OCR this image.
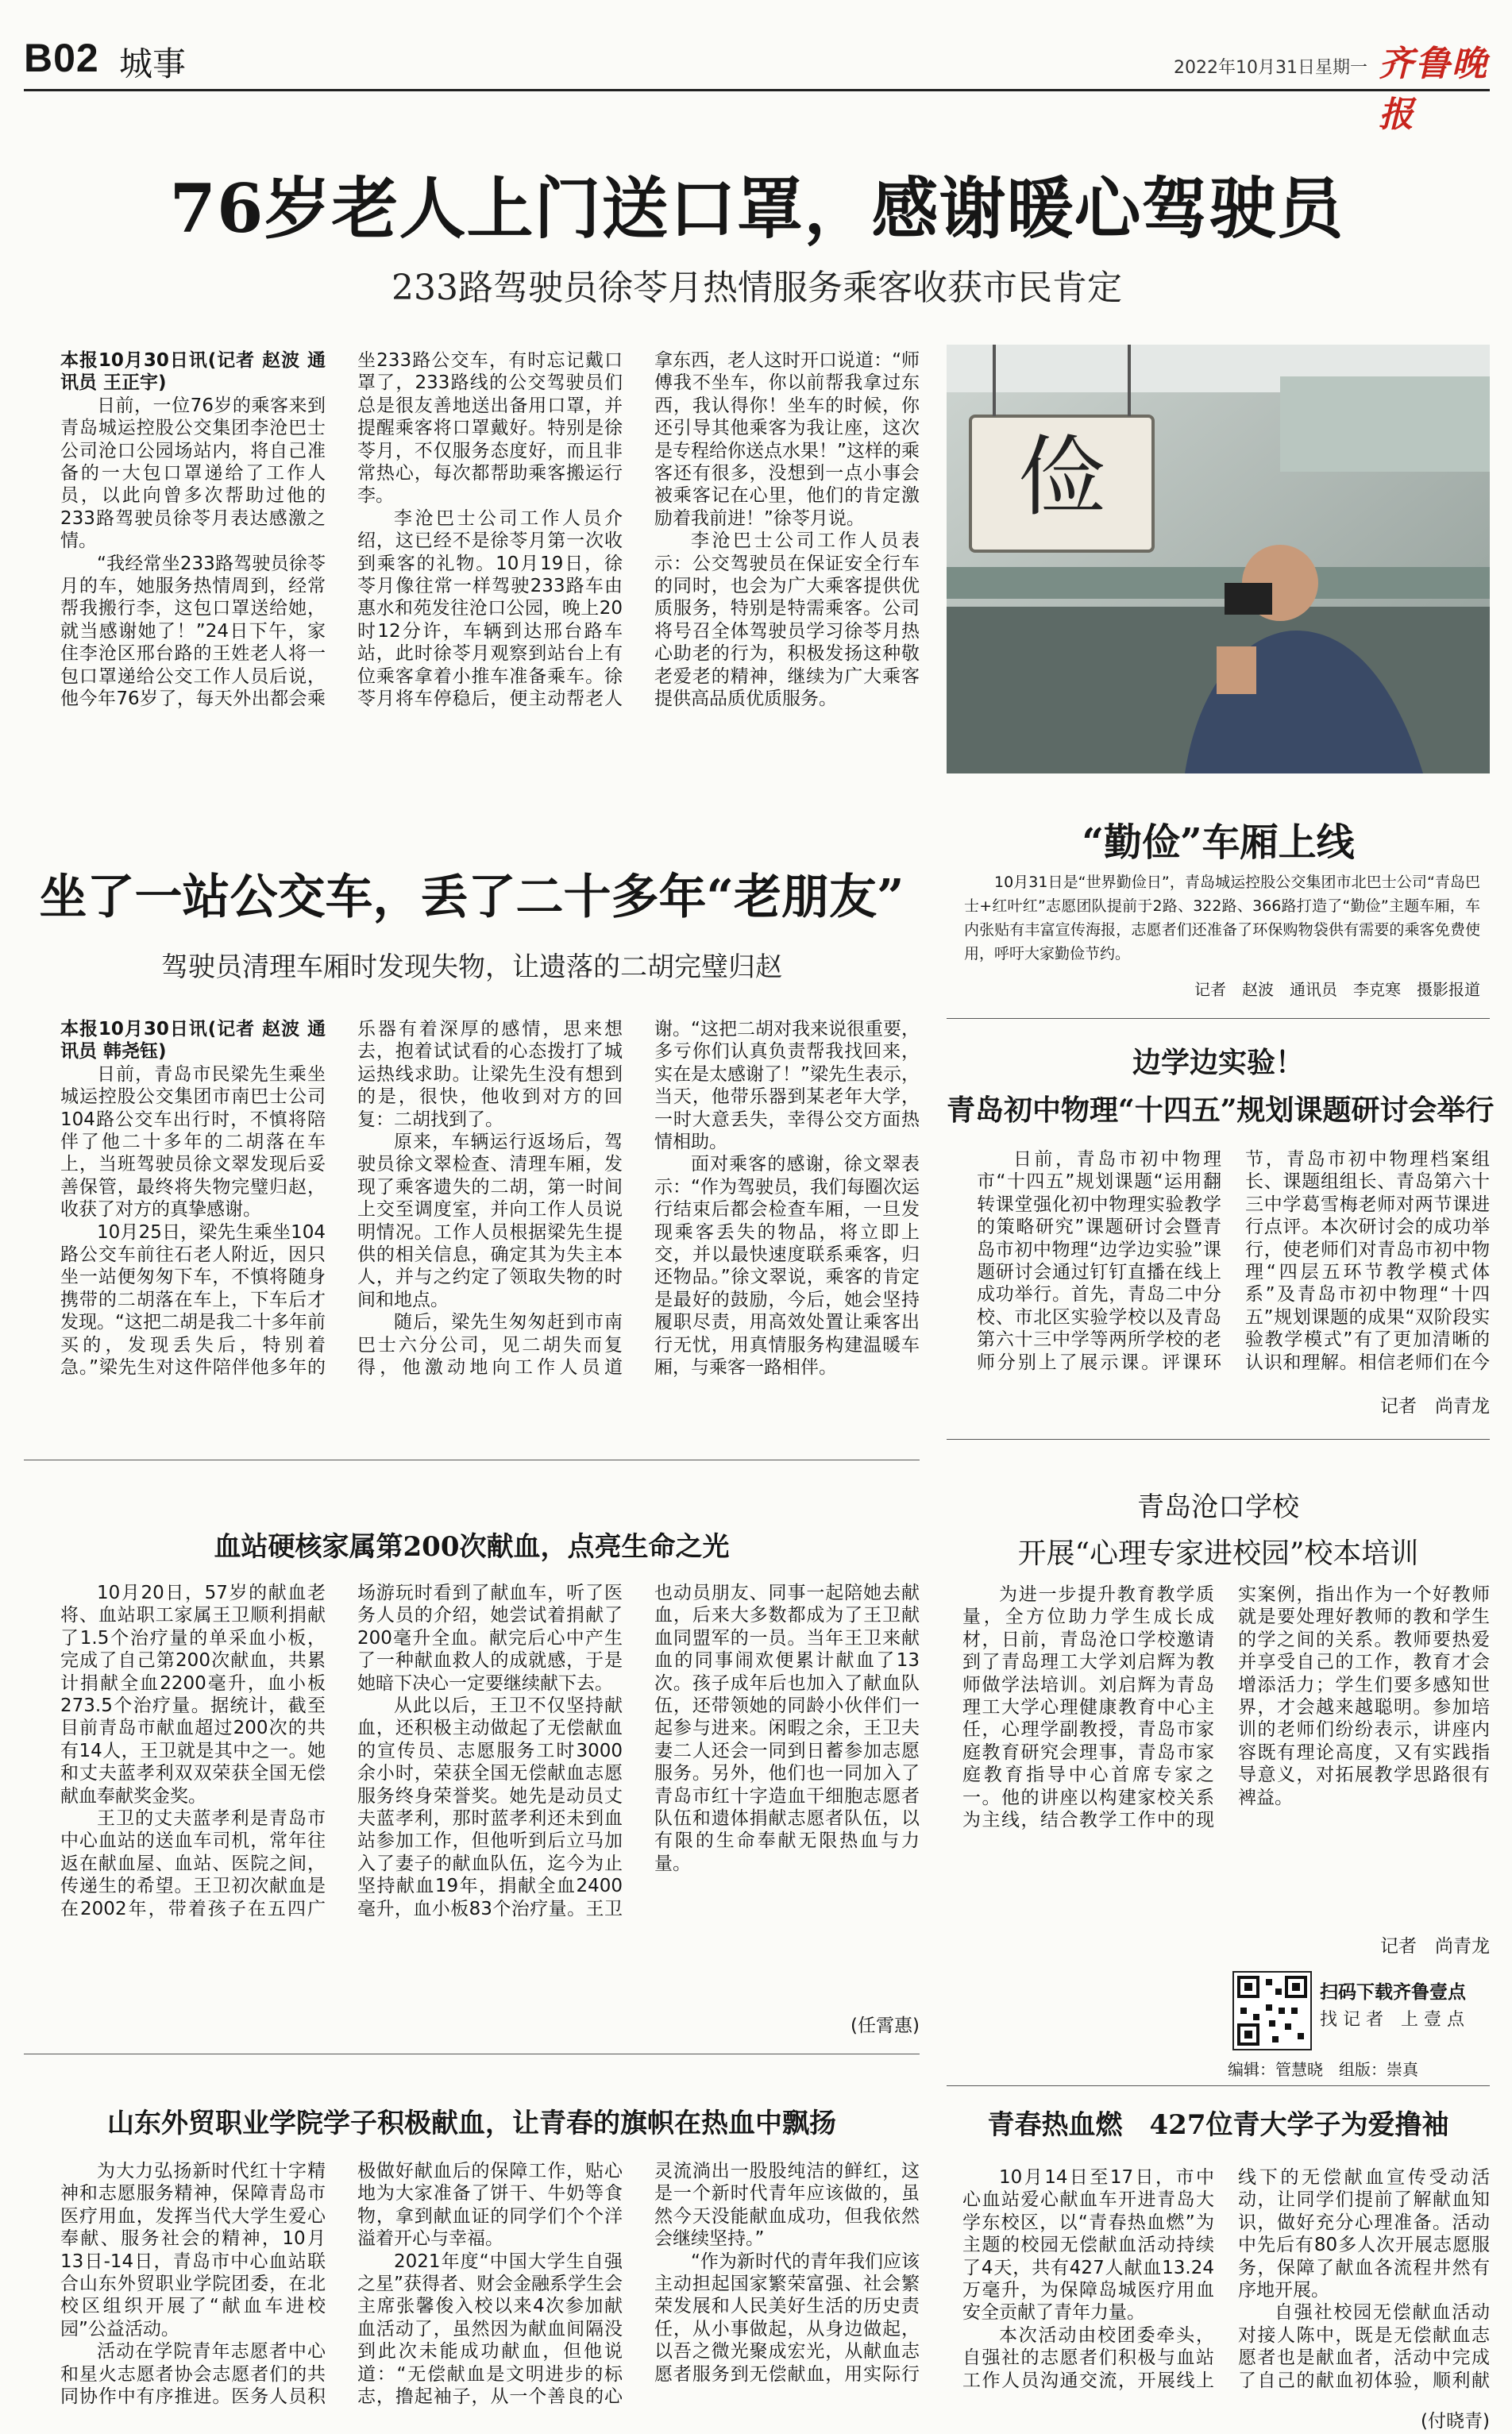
B02 城事	2022年10月31日 星期一 齐鲁晚报
76岁老人上门送口罩，感谢暖心驾驶员
233路驾驶员徐苓月热情服务乘客收获市民肯定

本报10月30日讯(记者 赵波 通讯员 王正宇)

日前，一位76岁的乘客来到青岛城运控股公交集团李沧巴士公司沧口公园场站内，将自己准备的一大包口罩递给了工作人员，以此向曾多次帮助过他的233路驾驶员徐苓月表达感激之情。

“我经常坐233路驾驶员徐苓月的车，她服务热情周到，经常帮我搬行李，这包口罩送给她，就当感谢她了！”24日下午，家住李沧区邢台路的王姓老人将一包口罩递给公交工作人员后说，他今年76岁了，每天外出都会乘坐233路公交车，有时忘记戴口罩了，233路线的公交驾驶员们总是很友善地送出备用口罩，并提醒乘客将口罩戴好。特别是徐苓月，不仅服务态度好，而且非常热心，每次都帮助乘客搬运行李。

李沧巴士公司工作人员介绍，这已经不是徐苓月第一次收到乘客的礼物。10月19日，徐苓月像往常一样驾驶233路车由惠水和苑发往沧口公园，晚上20时12分许，车辆到达邢台路车站，此时徐苓月观察到站台上有位乘客拿着小推车准备乘车。徐苓月将车停稳后，便主动帮老人拿东西，老人这时开口说道：“师傅我不坐车，你以前帮我拿过东西，我认得你！坐车的时候，你还引导其他乘客为我让座，这次是专程给你送点水果！”这样的乘客还有很多，没想到一点小事会被乘客记在心里，他们的肯定激励着我前进！”徐苓月说。

李沧巴士公司工作人员表示：公交驾驶员在保证安全行车的同时，也会为广大乘客提供优质服务，特别是特需乘客。公司将号召全体驾驶员学习徐苓月热心助老的行为，积极发扬这种敬老爱老的精神，继续为广大乘客提供高品质优质服务。

俭
“勤俭”车厢上线
10月31日是“世界勤俭日”，青岛城运控股公交集团市北巴士公司“青岛巴士+红叶红”志愿团队提前于2路、322路、366路打造了“勤俭”主题车厢，车内张贴有丰富宣传海报，志愿者们还准备了环保购物袋供有需要的乘客免费使用，呼吁大家勤俭节约。
记者　赵波　通讯员　李克寒　摄影报道
坐了一站公交车，丢了二十多年“老朋友”
驾驶员清理车厢时发现失物，让遗落的二胡完璧归赵

本报10月30日讯(记者 赵波 通讯员 韩尧钰)

日前，青岛市民梁先生乘坐城运控股公交集团市南巴士公司104路公交车出行时，不慎将陪伴了他二十多年的二胡落在车上，当班驾驶员徐文翠发现后妥善保管，最终将失物完璧归赵，收获了对方的真挚感谢。

10月25日，梁先生乘坐104路公交车前往石老人附近，因只坐一站便匆匆下车，不慎将随身携带的二胡落在车上，下车后才发现。“这把二胡是我二十多年前买的，发现丢失后，特别着急。”梁先生对这件陪伴他多年的乐器有着深厚的感情，思来想去，抱着试试看的心态拨打了城运热线求助。让梁先生没有想到的是，很快，他收到对方的回复：二胡找到了。

原来，车辆运行返场后，驾驶员徐文翠检查、清理车厢，发现了乘客遗失的二胡，第一时间上交至调度室，并向工作人员说明情况。工作人员根据梁先生提供的相关信息，确定其为失主本人，并与之约定了领取失物的时间和地点。

随后，梁先生匆匆赶到市南巴士六分公司，见二胡失而复得，他激动地向工作人员道谢。“这把二胡对我来说很重要，多亏你们认真负责帮我找回来，实在是太感谢了！”梁先生表示，当天，他带乐器到某老年大学，一时大意丢失，幸得公交方面热情相助。

面对乘客的感谢，徐文翠表示：“作为驾驶员，我们每圈次运行结束后都会检查车厢，一旦发现乘客丢失的物品，将立即上交，并以最快速度联系乘客，归还物品。”徐文翠说，乘客的肯定是最好的鼓励，今后，她会坚持履职尽责，用高效处置让乘客出行无忧，用真情服务构建温暖车厢，与乘客一路相伴。

边学边实验！
青岛初中物理“十四五”规划课题研讨会举行

日前，青岛市初中物理市“十四五”规划课题“运用翻转课堂强化初中物理实验教学的策略研究”课题研讨会暨青岛市初中物理“边学边实验”课题研讨会通过钉钉直播在线上成功举行。首先，青岛二中分校、市北区实验学校以及青岛第六十三中学等两所学校的老师分别上了展示课。评课环节，青岛市初中物理档案组长、课题组组长、青岛第六十三中学葛雪梅老师对两节课进行点评。本次研讨会的成功举行，使老师们对青岛市初中物理“四层五环节教学模式体系”及青岛市初中物理“十四五”规划课题的成果“双阶段实验教学模式”有了更加清晰的认识和理解。相信老师们在今

记者　尚青龙
青岛沧口学校
开展“心理专家进校园”校本培训

为进一步提升教育教学质量，全方位助力学生成长成材，日前，青岛沧口学校邀请到了青岛理工大学刘启辉为教师做学法培训。刘启辉为青岛理工大学心理健康教育中心主任，心理学副教授，青岛市家庭教育研究会理事，青岛市家庭教育指导中心首席专家之一。他的讲座以构建家校关系为主线，结合教学工作中的现实案例，指出作为一个好教师就是要处理好教师的教和学生的学之间的关系。教师要热爱并享受自己的工作，教育才会增添活力；学生们要多感知世界，才会越来越聪明。参加培训的老师们纷纷表示，讲座内容既有理论高度，又有实践指导意义，对拓展教学思路很有裨益。

记者　尚青龙
扫码下载齐鲁壹点
找 记 者　上 壹 点
编辑：管慧晓　组版：崇真
血站硬核家属第200次献血，点亮生命之光

10月20日，57岁的献血老将、血站职工家属王卫顺利捐献了1.5个治疗量的单采血小板，完成了自己第200次献血，共累计捐献全血2200毫升，血小板273.5个治疗量。据统计，截至目前青岛市献血超过200次的共有14人，王卫就是其中之一。她和丈夫蓝孝利双双荣获全国无偿献血奉献奖金奖。

王卫的丈夫蓝孝利是青岛市中心血站的送血车司机，常年往返在献血屋、血站、医院之间，传递生的希望。王卫初次献血是在2002年，带着孩子在五四广场游玩时看到了献血车，听了医务人员的介绍，她尝试着捐献了200毫升全血。献完后心中产生了一种献血救人的成就感，于是她暗下决心一定要继续献下去。

从此以后，王卫不仅坚持献血，还积极主动做起了无偿献血的宣传员、志愿服务工时3000余小时，荣获全国无偿献血志愿服务终身荣誉奖。她先是动员丈夫蓝孝利，那时蓝孝利还未到血站参加工作，但他听到后立马加入了妻子的献血队伍，迄今为止坚持献血19年，捐献全血2400毫升，血小板83个治疗量。王卫也动员朋友、同事一起陪她去献血，后来大多数都成为了王卫献血同盟军的一员。当年王卫来献血的同事闹欢便累计献血了13次。孩子成年后也加入了献血队伍，还带领她的同龄小伙伴们一起参与进来。闲暇之余，王卫夫妻二人还会一同到日蓄参加志愿服务。另外，他们也一同加入了青岛市红十字造血干细胞志愿者队伍和遗体捐献志愿者队伍，以有限的生命奉献无限热血与力量。

(任霄惠)
山东外贸职业学院学子积极献血，让青春的旗帜在热血中飘扬

为大力弘扬新时代红十字精神和志愿服务精神，保障青岛市医疗用血，发挥当代大学生爱心奉献、服务社会的精神，10月13日-14日，青岛市中心血站联合山东外贸职业学院团委，在北校区组织开展了“献血车进校园”公益活动。

活动在学院青年志愿者中心和星火志愿者协会志愿者们的共同协作中有序推进。医务人员积极做好献血后的保障工作，贴心地为大家准备了饼干、牛奶等食物，拿到献血证的同学们个个洋溢着开心与幸福。

2021年度“中国大学生自强之星”获得者、财会金融系学生会主席张馨俊入校以来4次参加献血活动了，虽然因为献血间隔没到此次未能成功献血，但他说道：“无偿献血是文明进步的标志，撸起袖子，从一个善良的心灵流淌出一股股纯洁的鲜红，这是一个新时代青年应该做的，虽然今天没能献血成功，但我依然会继续坚持。”

“作为新时代的青年我们应该主动担起国家繁荣富强、社会繁荣发展和人民美好生活的历史责任，从小事做起，从身边做起，以吾之微光聚成宏光，从献血志愿者服务到无偿献血，用实际行

青春热血燃　427位青大学子为爱撸袖

10月14日至17日，市中心血站爱心献血车开进青岛大学东校区，以“青春热血燃”为主题的校园无偿献血活动持续了4天，共有427人献血13.24万毫升，为保障岛城医疗用血安全贡献了青年力量。

本次活动由校团委牵头，自强社的志愿者们积极与血站工作人员沟通交流，开展线上线下的无偿献血宣传受动活动，让同学们提前了解献血知识，做好充分心理准备。活动中先后有80多人次开展志愿服务，保障了献血各流程井然有序地开展。

自强社校园无偿献血活动对接人陈中，既是无偿献血志愿者也是献血者，活动中完成了自己的献血初体验，顺利献

(付晓青)
